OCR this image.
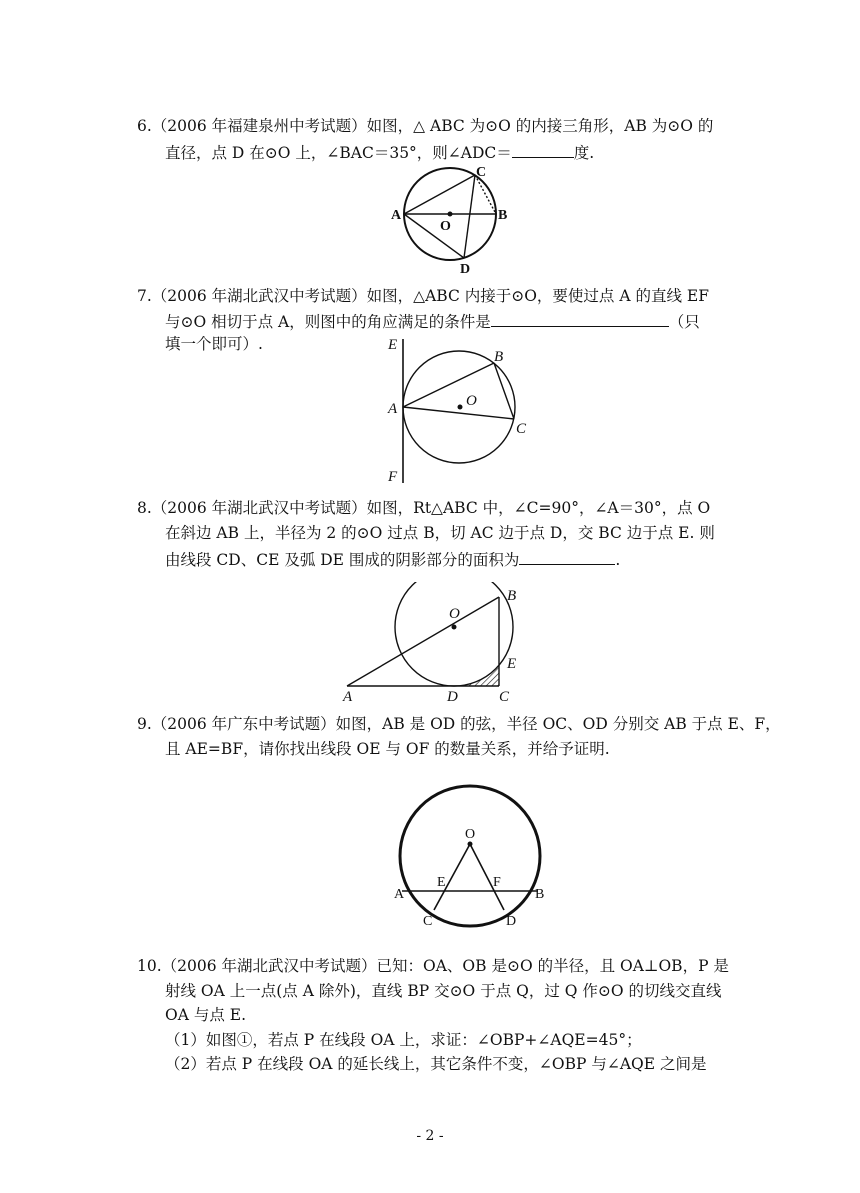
6.（2006 年福建泉州中考试题）如图，△ ABC 为⊙O 的内接三角形，AB 为⊙O 的
直径，点 D 在⊙O 上，∠BAC＝35°，则∠ADC＝	度.
A	B
C
D
O
7.（2006 年湖北武汉中考试题）如图，△ABC 内接于⊙O，要使过点 A 的直线 EF
与⊙O 相切于点 A，则图中的角应满足的条件是	（只
填一个即可）.	E
F
A
B
C
O
8.（2006 年湖北武汉中考试题）如图，Rt△ABC 中，∠C=90°，∠A＝30°，点 O
在斜边 AB 上，半径为 2 的⊙O 过点 B，切 AC 边于点 D，交 BC 边于点 E. 则
由线段 CD、CE 及弧 DE 围成的阴影部分的面积为	.
O
B
E
A	D	C
9.（2006 年广东中考试题）如图，AB 是 OD 的弦，半径 OC、OD 分别交 AB 于点 E、F，
且 AE=BF，请你找出线段 OE 与 OF 的数量关系，并给予证明.
O
A	B
E	F
C	D
10.（2006 年湖北武汉中考试题）已知：OA、OB 是⊙O 的半径，且 OA⊥OB，P 是
射线 OA 上一点(点 A 除外)，直线 BP 交⊙O 于点 Q，过 Q 作⊙O 的切线交直线
OA 与点 E.
（1）如图①，若点 P 在线段 OA 上，求证：∠OBP+∠AQE=45°；
（2）若点 P 在线段 OA 的延长线上，其它条件不变，∠OBP 与∠AQE 之间是
- 2 -
